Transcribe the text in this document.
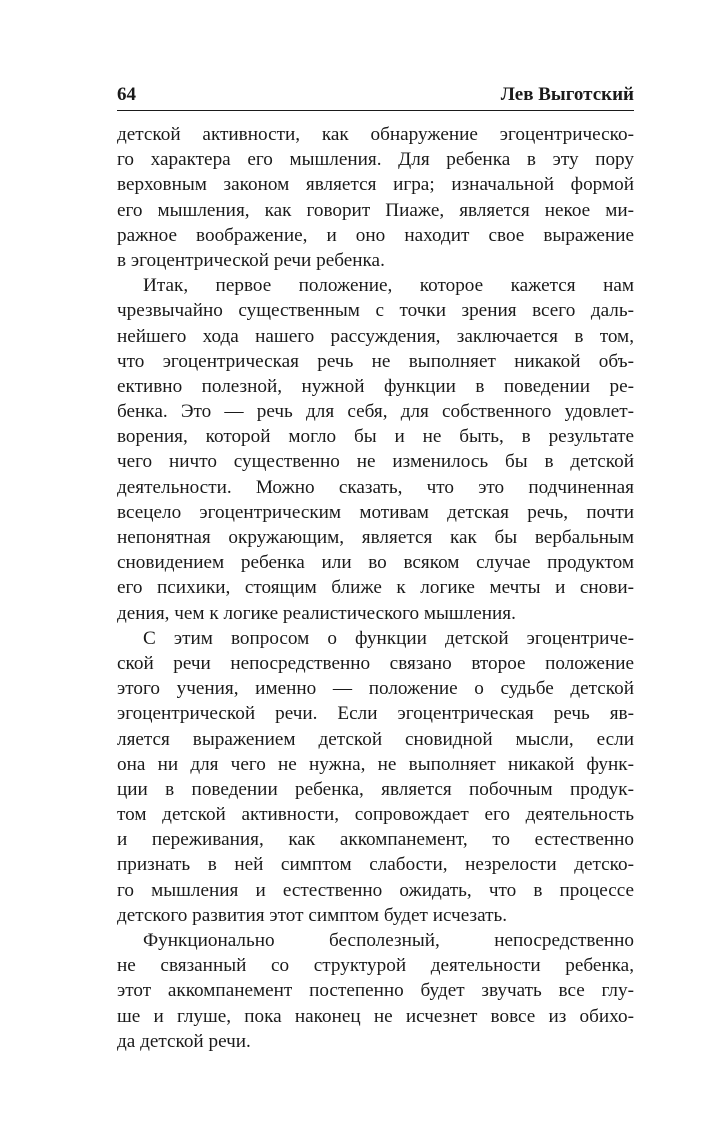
64	Лев Выготский
детской активности, как обнаружение эгоцентрическо-
го характера его мышления. Для ребенка в эту пору
верховным законом является игра; изначальной формой
его мышления, как говорит Пиаже, является некое ми-
ражное воображение, и оно находит свое выражение
в эгоцентрической речи ребенка.
Итак, первое положение, которое кажется нам
чрезвычайно существенным с точки зрения всего даль-
нейшего хода нашего рассуждения, заключается в том,
что эгоцентрическая речь не выполняет никакой объ-
ективно полезной, нужной функции в поведении ре-
бенка. Это — речь для себя, для собственного удовлет-
ворения, которой могло бы и не быть, в результате
чего ничто существенно не изменилось бы в детской
деятельности. Можно сказать, что это подчиненная
всецело эгоцентрическим мотивам детская речь, почти
непонятная окружающим, является как бы вербальным
сновидением ребенка или во всяком случае продуктом
его психики, стоящим ближе к логике мечты и снови-
дения, чем к логике реалистического мышления.
С этим вопросом о функции детской эгоцентриче-
ской речи непосредственно связано второе положение
этого учения, именно — положение о судьбе детской
эгоцентрической речи. Если эгоцентрическая речь яв-
ляется выражением детской сновидной мысли, если
она ни для чего не нужна, не выполняет никакой функ-
ции в поведении ребенка, является побочным продук-
том детской активности, сопровождает его деятельность
и переживания, как аккомпанемент, то естественно
признать в ней симптом слабости, незрелости детско-
го мышления и естественно ожидать, что в процессе
детского развития этот симптом будет исчезать.
Функционально бесполезный, непосредственно
не связанный со структурой деятельности ребенка,
этот аккомпанемент постепенно будет звучать все глу-
ше и глуше, пока наконец не исчезнет вовсе из обихо-
да детской речи.
